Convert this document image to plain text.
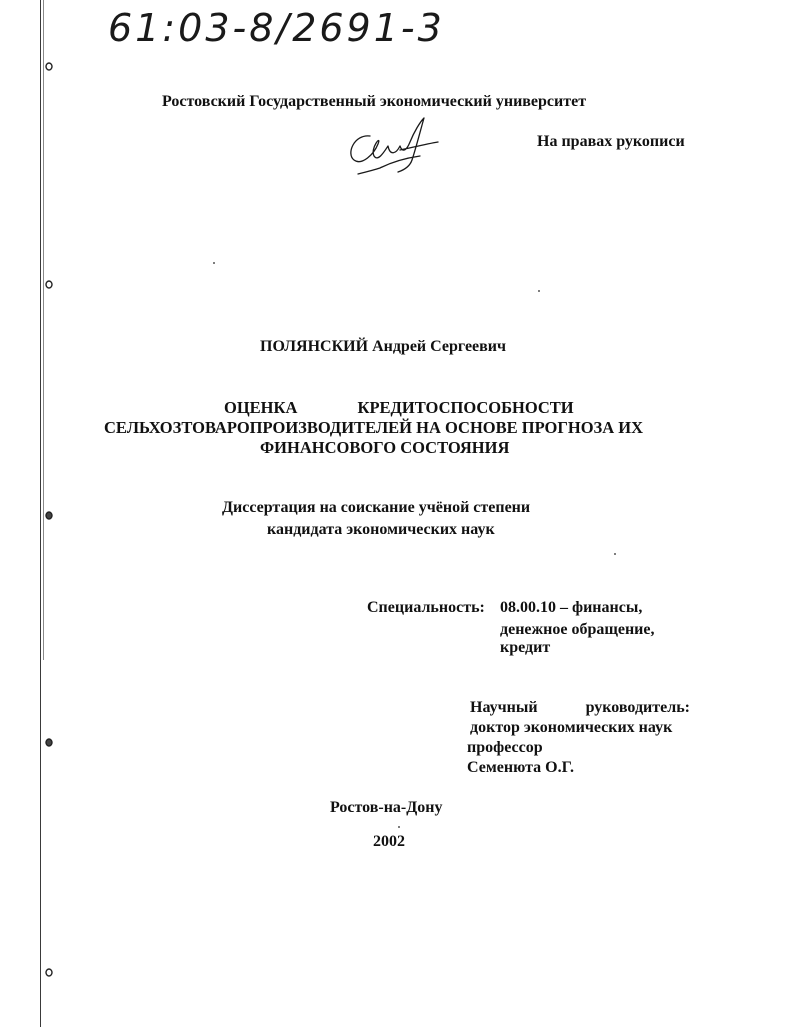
61:03-8/2691-3
Ростовский Государственный экономический университет
На правах рукописи
ПОЛЯНСКИЙ Андрей Сергеевич
ОЦЕНКА КРЕДИТОСПОСОБНОСТИ
СЕЛЬХОЗТОВАРОПРОИЗВОДИТЕЛЕЙ НА ОСНОВЕ ПРОГНОЗА ИХ
ФИНАНСОВОГО СОСТОЯНИЯ
Диссертация на соискание учёной степени
кандидата экономических наук
Специальность: 08.00.10 – финансы,
денежное обращение,
кредит
Научный руководитель:
доктор экономических наук
профессор
Семенюта О.Г.
Ростов-на-Дону
2002
